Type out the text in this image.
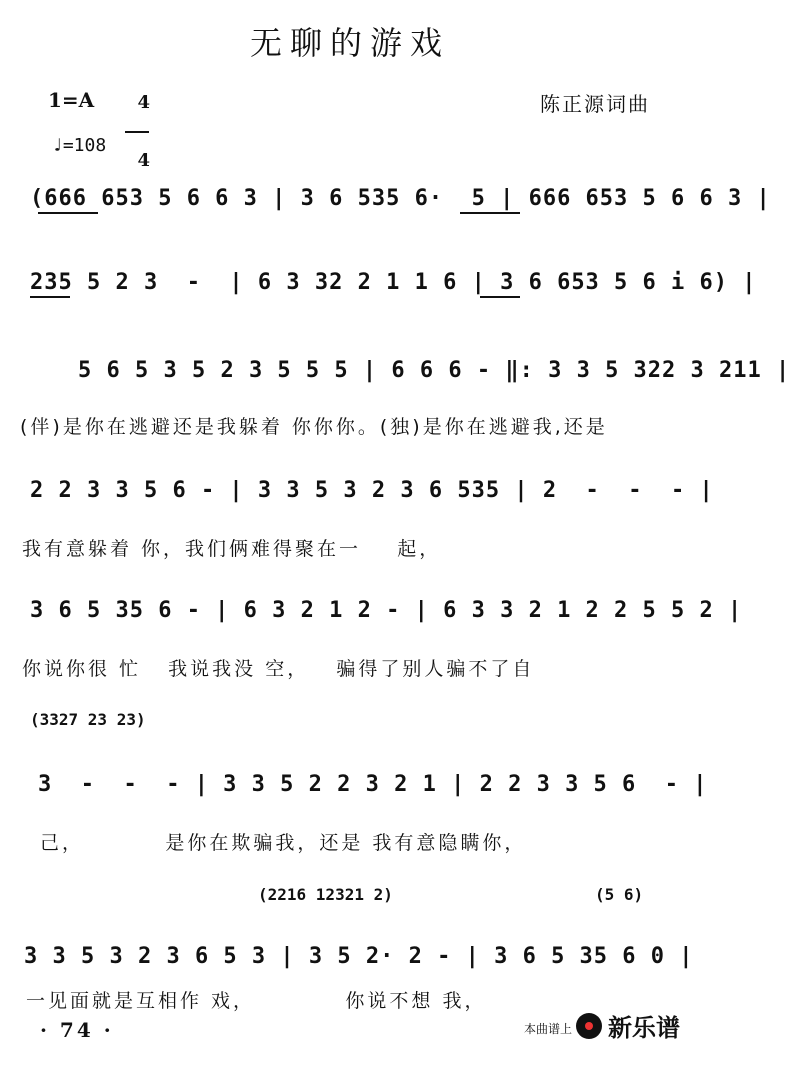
无聊的游戏
1=A	4

4

陈正源词曲
♩=108
(666 653 5 6 6 3 | 3 6 535 6·  5 | 666 653 5 6 6 3 |
235 5 2 3  -  | 6 3 32 2 1 1 6 | 3 6 653 5 6 i 6) |
5 6 5 3 5 2 3 5 5 5 | 6 6 6 - ‖: 3 3 5 322 3 211 |
(伴)是你在逃避还是我躲着 你你你。(独)是你在逃避我,还是
2 2 3 3 5 6 - | 3 3 5 3 2 3 6 535 | 2  -  -  - |
我有意躲着 你，我们俩难得聚在一    起，
3 6 5 35 6 - | 6 3 2 1 2 - | 6 3 3 2 1 2 2 5 5 2 |
你说你很 忙   我说我没 空，   骗得了别人骗不了自
(3327 23 23)
3  -  -  - | 3 3 5 2 2 3 2 1 | 2 2 3 3 5 6  - |
己，         是你在欺骗我，还是 我有意隐瞒你，
(2216 12321 2)	(5 6)
3 3 5 3 2 3 6 5 3 | 3 5 2· 2 - | 3 6 5 35 6 0 |
一见面就是互相作 戏，          你说不想 我，
· 74 ·	本曲谱上 新乐谱
